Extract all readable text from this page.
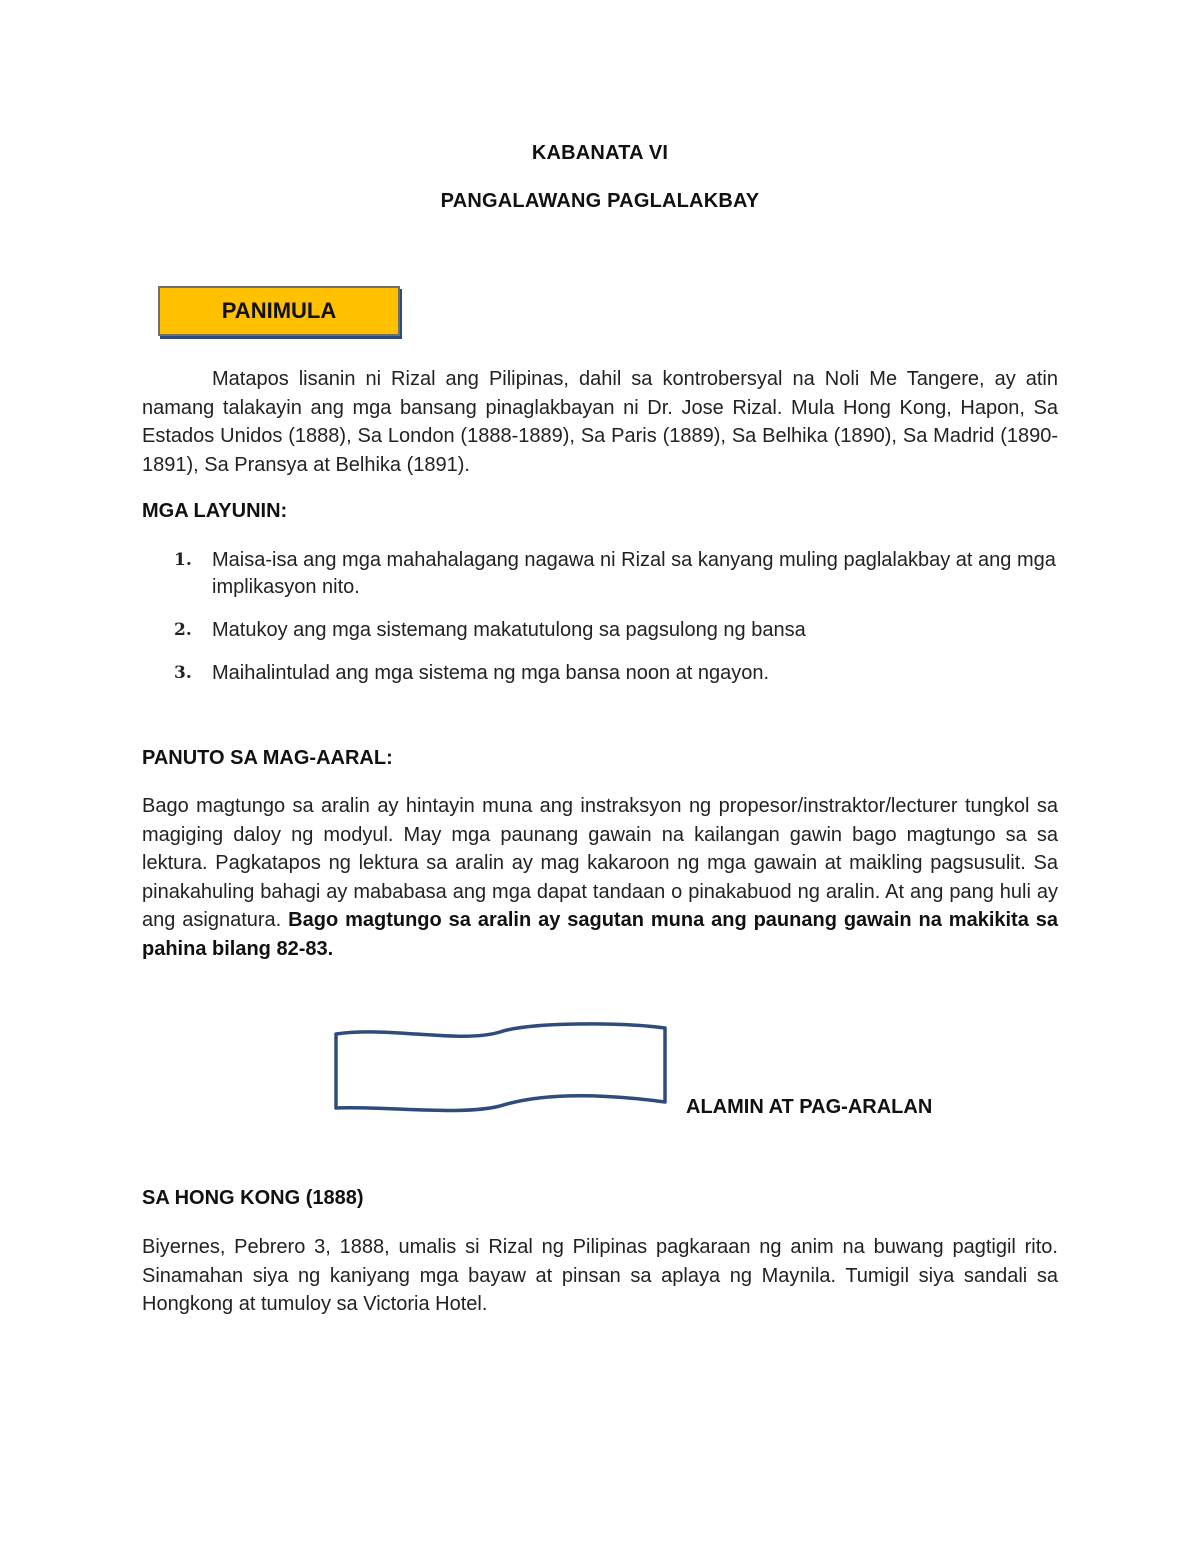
KABANATA VI
PANGALAWANG PAGLALAKBAY
PANIMULA
Matapos lisanin ni Rizal ang Pilipinas, dahil sa kontrobersyal na Noli Me Tangere, ay atin namang talakayin ang mga bansang pinaglakbayan ni Dr. Jose Rizal. Mula Hong Kong, Hapon, Sa Estados Unidos (1888), Sa London (1888-1889), Sa Paris (1889), Sa Belhika (1890), Sa Madrid (1890-1891), Sa Pransya at Belhika (1891).
MGA LAYUNIN:
1. Maisa-isa ang mga mahahalagang nagawa ni Rizal sa kanyang muling paglalakbay at ang mga implikasyon nito.
2. Matukoy ang mga sistemang makatutulong sa pagsulong ng bansa
3. Maihalintulad ang mga sistema ng mga bansa noon at ngayon.
PANUTO SA MAG-AARAL:
Bago magtungo sa aralin ay hintayin muna ang instraksyon ng propesor/instraktor/lecturer tungkol sa magiging daloy ng modyul. May mga paunang gawain na kailangan gawin bago magtungo sa sa lektura. Pagkatapos ng lektura sa aralin ay mag kakaroon ng mga gawain at maikling pagsusulit. Sa pinakahuling bahagi ay mababasa ang mga dapat tandaan o pinakabuod ng aralin. At ang pang huli ay ang asignatura. Bago magtungo sa aralin ay sagutan muna ang paunang gawain na makikita sa pahina bilang 82-83.
ALAMIN AT PAG-ARALAN
SA HONG KONG (1888)
Biyernes, Pebrero 3, 1888, umalis si Rizal ng Pilipinas pagkaraan ng anim na buwang pagtigil rito. Sinamahan siya ng kaniyang mga bayaw at pinsan sa aplaya ng Maynila. Tumigil siya sandali sa Hongkong at tumuloy sa Victoria Hotel.
